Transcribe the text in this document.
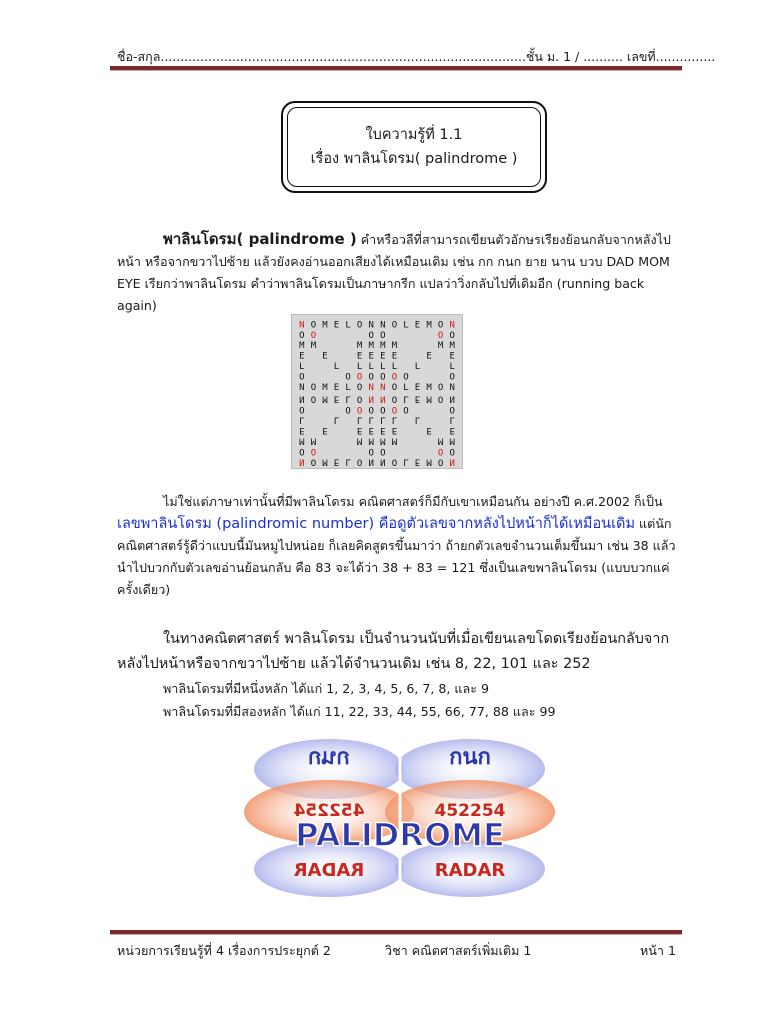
ชื่อ-สกุล............................................................................................ชั้น ม. 1 / .......... เลขที่...............
ใบความรู้ที่ 1.1
เรื่อง พาลินโดรม( palindrome )
พาลินโดรม( palindrome ) คำหรือวลีที่สามารถเขียนตัวอักษรเรียงย้อนกลับจากหลังไปหน้า หรือจากขวาไปซ้าย แล้วยังคงอ่านออกเสียงได้เหมือนเดิม เช่น กก กนก ยาย นาน บวบ DAD MOM EYE เรียกว่าพาลินโดรม คำว่าพาลินโดรมเป็นภาษากรีก แปลว่าวิ่งกลับไปที่เดิมอีก (running back again)
N O M E L O N N O L E M O N
O O	O O	O O
M M	M M M M	M M
E E	E E E E	E E
L	L L L L L L	L
O	O O O O O O	O
N O M E L O N N O L E M O N
N O M E L O N N O L E M O N
O	O O O O O O	O
L	L L L L L L	L
E E	E E E E	E E
M M	M M M M	M M
O O	O O	O O
N O M E L O N N O L E M O N
ไม่ใช่แต่ภาษาเท่านั้นที่มีพาลินโดรม คณิตศาสตร์ก็มีกับเขาเหมือนกัน อย่างปี ค.ศ.2002 ก็เป็น เลขพาลินโดรม (palindromic number) คือดูตัวเลขจากหลังไปหน้าก็ได้เหมือนเดิม แต่นักคณิตศาสตร์รู้ดีว่าแบบนี้มันหมูไปหน่อย ก็เลยคิดสูตรขึ้นมาว่า ถ้ายกตัวเลขจำนวนเต็มขึ้นมา เช่น 38 แล้วนำไปบวกกับตัวเลขอ่านย้อนกลับ คือ 83 จะได้ว่า 38 + 83 = 121 ซึ่งเป็นเลขพาลินโดรม (แบบบวกแค่ครั้งเดียว)
ในทางคณิตศาสตร์ พาลินโดรม เป็นจำนวนนับที่เมื่อเขียนเลขโดดเรียงย้อนกลับจากหลังไปหน้าหรือจากขวาไปซ้าย แล้วได้จำนวนเดิม เช่น 8, 22, 101 และ 252
พาลินโดรมที่มีหนึ่งหลัก ได้แก่ 1, 2, 3, 4, 5, 6, 7, 8, และ 9
พาลินโดรมที่มีสองหลัก ได้แก่ 11, 22, 33, 44, 55, 66, 77, 88 และ 99
กนก	กนก
452254	452254
PALIDROME
RADAR	RADAR
หน่วยการเรียนรู้ที่ 4 เรื่องการประยุกต์ 2	วิชา คณิตศาสตร์เพิ่มเติม 1	หน้า 1
